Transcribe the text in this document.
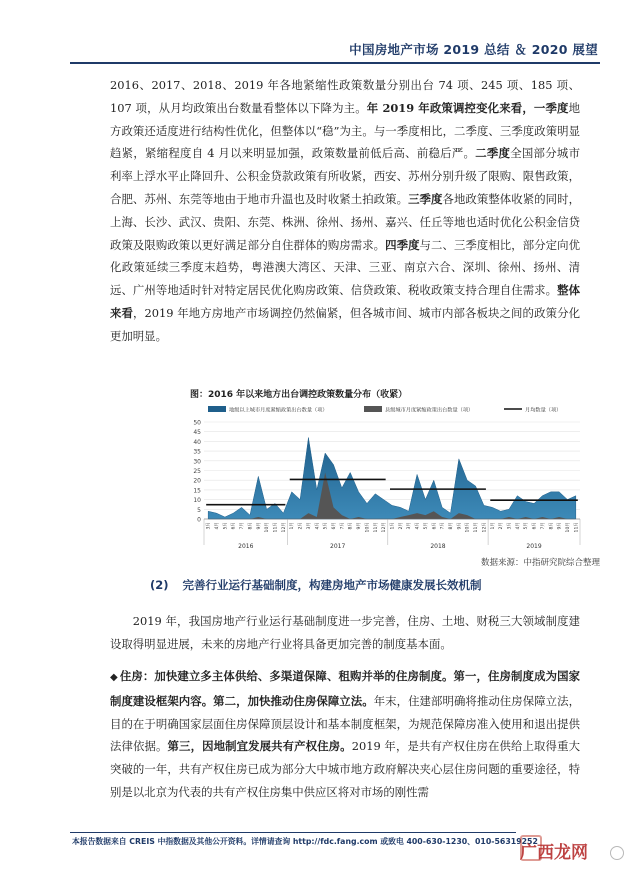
中国房地产市场 2019 总结 ＆ 2020 展望

2016、2017、2018、2019 年各地紧缩性政策数量分别出台 74 项、245 项、185 项、107 项，从月均政策出台数量看整体以下降为主。年 2019 年政策调控变化来看，一季度地方政策还适度进行结构性优化，但整体以“稳”为主。与一季度相比，二季度、三季度政策明显趋紧，紧缩程度自 4 月以来明显加强，政策数量前低后高、前稳后严。二季度全国部分城市利率上浮水平止降回升、公积金贷款政策有所收紧，西安、苏州分别升级了限购、限售政策，合肥、苏州、东莞等地由于地市升温也及时收紧土拍政策。三季度各地政策整体收紧的同时，上海、长沙、武汉、贵阳、东莞、株洲、徐州、扬州、嘉兴、任丘等地也适时优化公积金信贷政策及限购政策以更好满足部分自住群体的购房需求。四季度与二、三季度相比，部分定向优化政策延续三季度末趋势，粤港澳大湾区、天津、三亚、南京六合、深圳、徐州、扬州、清远、广州等地适时针对特定居民优化购房政策、信贷政策、税收政策支持合理自住需求。整体来看，2019 年地方房地产市场调控仍然偏紧，但各城市间、城市内部各板块之间的政策分化更加明显。

图：2016 年以来地方出台调控政策数量分布（收紧）
0
5
10
15
20
25
30
35
40
45
50
3月 4月 5月 6月 7月 8月 9月 10月 11月 12月 1月 2月 3月 4月 5月 6月 7月 8月 9月 10月 11月 12月 1月 2月 3月 4月 5月 6月 7月 8月 9月 10月 11月 12月 1月 2月 3月 4月 5月 6月 7月 8月 9月 10月 11月
2016	2017	2018	2019
地级以上城市月度紧缩政策出台数量（项）	县级城市月度紧缩政策出台数量（项）	月均数量（项）
数据来源：中指研究院综合整理
(2) 完善行业运行基础制度，构建房地产市场健康发展长效机制

2019 年，我国房地产行业运行基础制度进一步完善，住房、土地、财税三大领域制度建设取得明显进展，未来的房地产行业将具备更加完善的制度基本面。

◆ 住房：加快建立多主体供给、多渠道保障、租购并举的住房制度。第一，住房制度成为国家制度建设框架内容。第二，加快推动住房保障立法。年末，住建部明确将推动住房保障立法，目的在于明确国家层面住房保障顶层设计和基本制度框架，为规范保障房准入使用和退出提供法律依据。第三，因地制宜发展共有产权住房。2019 年，是共有产权住房在供给上取得重大突破的一年，共有产权住房已成为部分大中城市地方政府解决夹心层住房问题的重要途径，特别是以北京为代表的共有产权住房集中供应区将对市场的刚性需

本报告数据来自 CREIS 中指数据及其他公开资料。详情请查询 http://fdc.fang.com 或致电 400-630-1230、010-56319252
广西龙网
